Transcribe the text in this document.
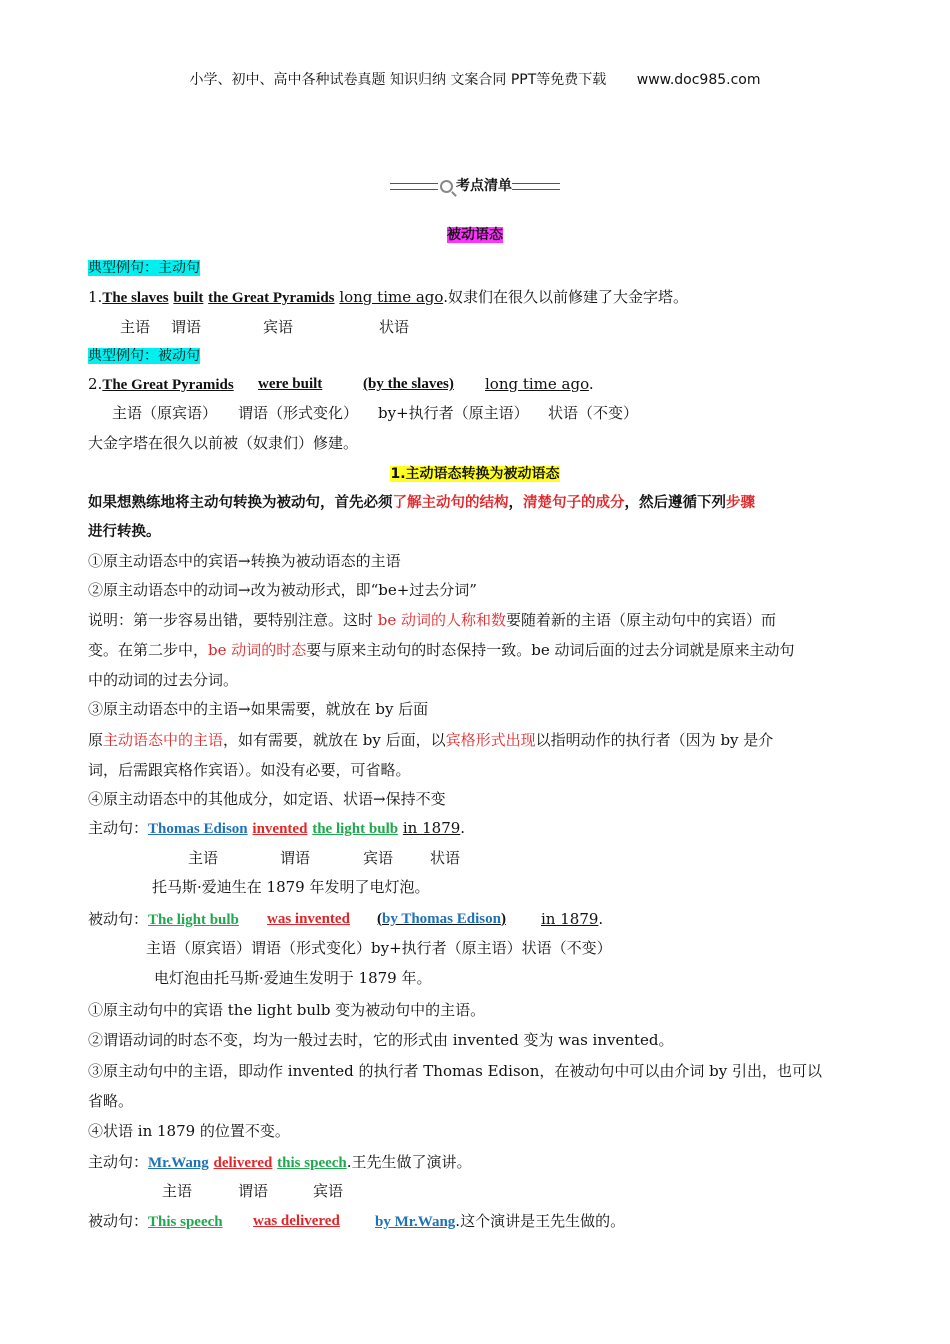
小学、初中、高中各种试卷真题 知识归纳 文案合同 PPT等免费下载 www.doc985.com
考点清单
被动语态
典型例句：主动句
1.The slaves built the Great Pyramids long time ago.奴隶们在很久以前修建了大金字塔。
主语 谓语	宾语	状语
典型例句：被动句
2.The Great Pyramids were built	(by the slaves) long time ago.
主语（原宾语） 谓语（形式变化） by+执行者（原主语） 状语（不变）
大金字塔在很久以前被（奴隶们）修建。
1.主动语态转换为被动语态
如果想熟练地将主动句转换为被动句，首先必须了解主动句的结构，清楚句子的成分，然后遵循下列步骤
进行转换。
①原主动语态中的宾语→转换为被动语态的主语
②原主动语态中的动词→改为被动形式，即“be+过去分词”
说明：第一步容易出错，要特别注意。这时 be 动词的人称和数要随着新的主语（原主动句中的宾语）而
变。在第二步中，be 动词的时态要与原来主动句的时态保持一致。be 动词后面的过去分词就是原来主动句
中的动词的过去分词。
③原主动语态中的主语→如果需要，就放在 by 后面
原主动语态中的主语，如有需要，就放在 by 后面，以宾格形式出现以指明动作的执行者（因为 by 是介
词，后需跟宾格作宾语）。如没有必要，可省略。
④原主动语态中的其他成分，如定语、状语→保持不变
主动句：Thomas Edison invented the light bulb in 1879.
主语	谓语	宾语 状语
托马斯·爱迪生在 1879 年发明了电灯泡。
被动句：The light bulb was invented (by Thomas Edison) in 1879.
主语（原宾语）谓语（形式变化）by+执行者（原主语）状语（不变）
电灯泡由托马斯·爱迪生发明于 1879 年。
①原主动句中的宾语 the light bulb 变为被动句中的主语。
②谓语动词的时态不变，均为一般过去时，它的形式由 invented 变为 was invented。
③原主动句中的主语，即动作 invented 的执行者 Thomas Edison，在被动句中可以由介词 by 引出，也可以
省略。
④状语 in 1879 的位置不变。
主动句：Mr.Wang delivered this speech.王先生做了演讲。
主语	谓语	宾语
被动句：This speech was delivered by Mr.Wang.这个演讲是王先生做的。
